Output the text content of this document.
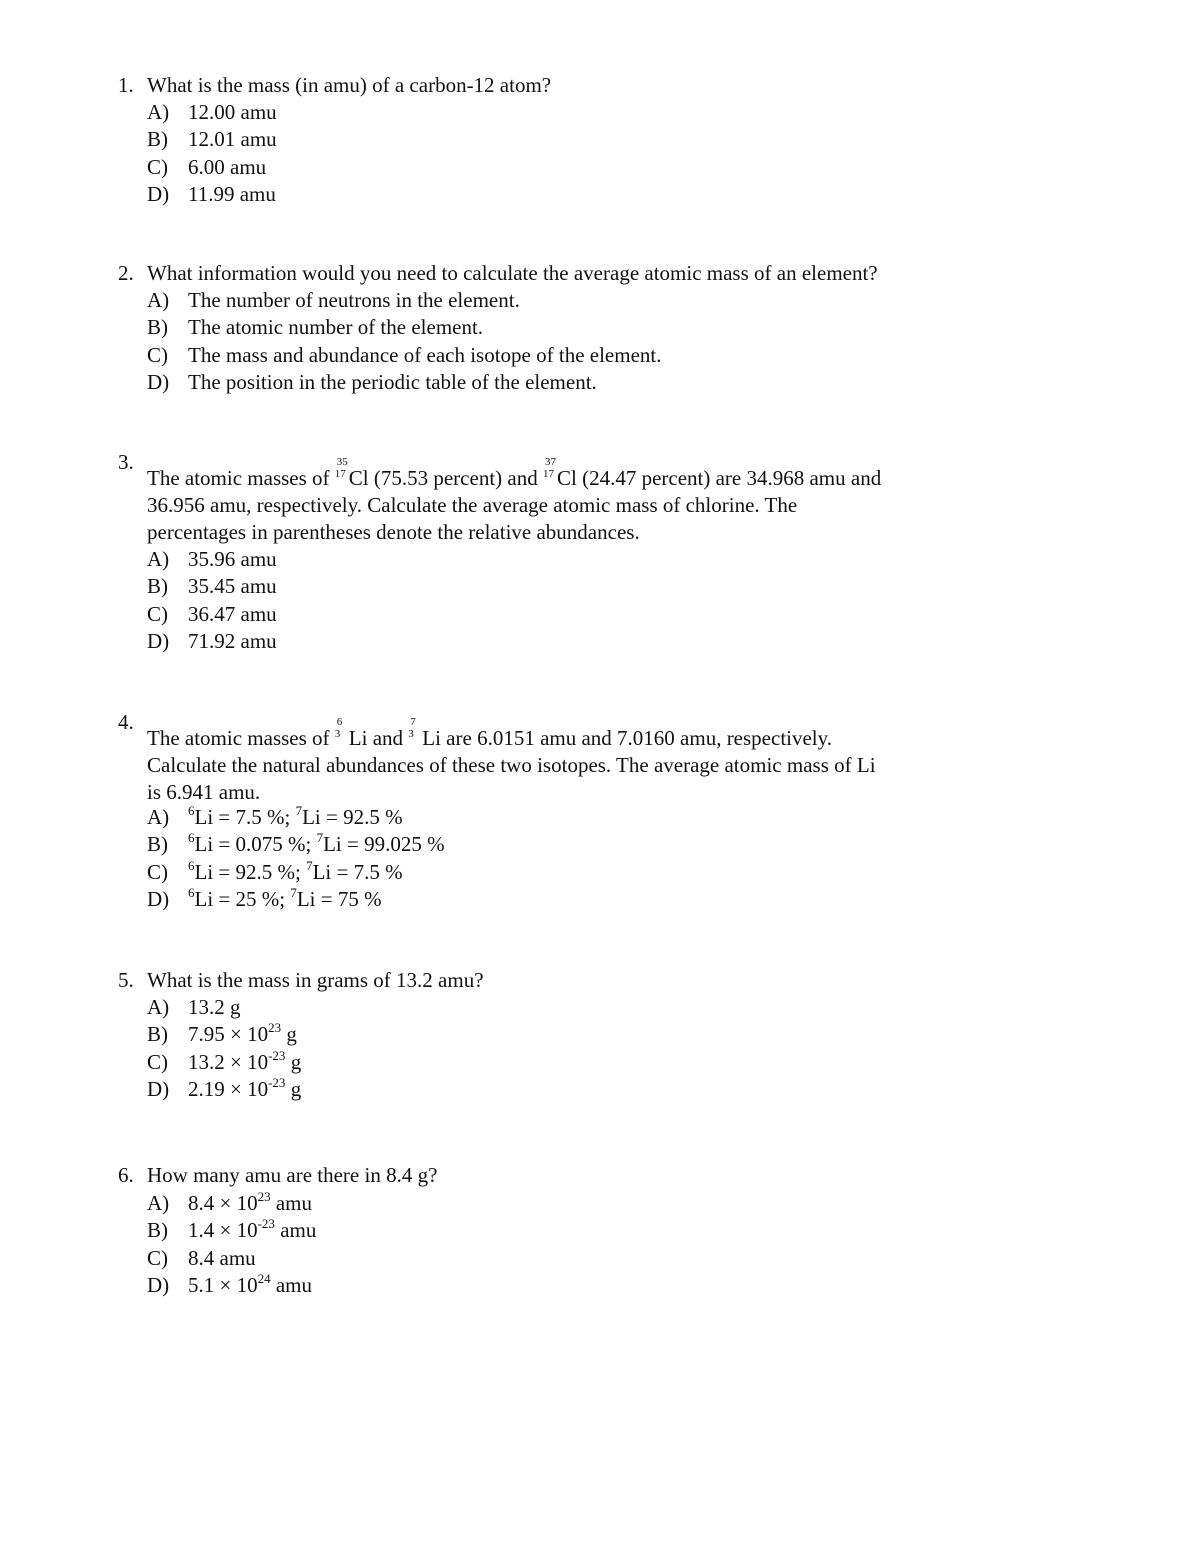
1. What is the mass (in amu) of a carbon-12 atom?
A) 12.00 amu
B) 12.01 amu
C) 6.00 amu
D) 11.99 amu
2. What information would you need to calculate the average atomic mass of an element?
A) The number of neutrons in the element.
B) The atomic number of the element.
C) The mass and abundance of each isotope of the element.
D) The position in the periodic table of the element.
3.
The atomic masses of
35
17 Cl (75.53 percent) and
37
17 Cl (24.47 percent) are 34.968 amu and
36.956 amu, respectively. Calculate the average atomic mass of chlorine. The
percentages in parentheses denote the relative abundances.
A) 35.96 amu
B) 35.45 amu
C) 36.47 amu
D) 71.92 amu
4.
The atomic masses of
6
3 Li and
7
3 Li are 6.0151 amu and 7.0160 amu, respectively.
Calculate the natural abundances of these two isotopes. The average atomic mass of Li
is 6.941 amu.
A) $^6$Li = 7.5 %; $^7$Li = 92.5 %
B) $^6$Li = 0.075 %; $^7$Li = 99.025 %
C) $^6$Li = 92.5 %; $^7$Li = 7.5 %
D) $^6$Li = 25 %; $^7$Li = 75 %
5. What is the mass in grams of 13.2 amu?
A) 13.2 g
B) $7.95 \times 10^{23}$ g
C) $13.2 \times 10^{-23}$ g
D) $2.19 \times 10^{-23}$ g
6. How many amu are there in 8.4 g?
A) $8.4 \times 10^{23}$ amu
B) $1.4 \times 10^{-23}$ amu
C) 8.4 amu
D) $5.1 \times 10^{24}$ amu
